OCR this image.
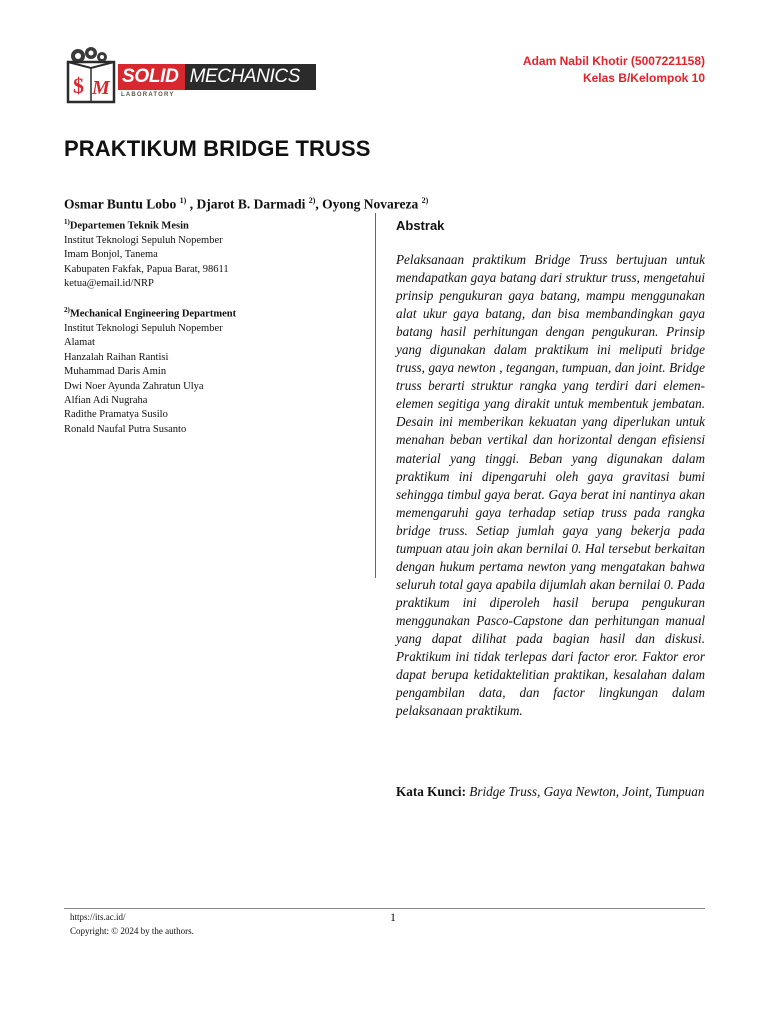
$ M
SOLID MECHANICS
LABORATORY
Adam Nabil Khotir (5007221158)
Kelas B/Kelompok 10
PRAKTIKUM BRIDGE TRUSS
Osmar Buntu Lobo $^{1)}$ , Djarot B. Darmadi $^{2)}$, Oyong Novareza $^{2)}$
$^{1)}$Departemen Teknik Mesin
Institut Teknologi Sepuluh Nopember
Imam Bonjol, Tanema
Kabupaten Fakfak, Papua Barat, 98611
ketua@email.id/NRP
$^{2)}$Mechanical Engineering Department
Institut Teknologi Sepuluh Nopember
Alamat
Hanzalah Raihan Rantisi
Muhammad Daris Amin
Dwi Noer Ayunda Zahratun Ulya
Alfian Adi Nugraha
Radithe Pramatya Susilo
Ronald Naufal Putra Susanto
Abstrak

Pelaksanaan praktikum Bridge Truss bertujuan untuk mendapatkan gaya batang dari struktur truss, mengetahui prinsip pengukuran gaya batang, mampu menggunakan alat ukur gaya batang, dan bisa membandingkan gaya batang hasil perhitungan dengan pengukuran. Prinsip yang digunakan dalam praktikum ini meliputi bridge truss, gaya newton , tegangan, tumpuan, dan joint. Bridge truss berarti struktur rangka yang terdiri dari elemen-elemen segitiga yang dirakit untuk membentuk jembatan. Desain ini memberikan kekuatan yang diperlukan untuk menahan beban vertikal dan horizontal dengan efisiensi material yang tinggi. Beban yang digunakan dalam praktikum ini dipengaruhi oleh gaya gravitasi bumi sehingga timbul gaya berat. Gaya berat ini nantinya akan memengaruhi gaya terhadap setiap truss pada rangka bridge truss. Setiap jumlah gaya yang bekerja pada tumpuan atau join akan bernilai 0. Hal tersebut berkaitan dengan hukum pertama newton yang mengatakan bahwa seluruh total gaya apabila dijumlah akan bernilai 0. Pada praktikum ini diperoleh hasil berupa pengukuran menggunakan Pasco-Capstone dan perhitungan manual yang dapat dilihat pada bagian hasil dan diskusi. Praktikum ini tidak terlepas dari factor eror. Faktor eror dapat berupa ketidaktelitian praktikan, kesalahan dalam pengambilan data, dan factor lingkungan dalam pelaksanaan praktikum.

Kata Kunci: Bridge Truss, Gaya Newton, Joint, Tumpuan

https://its.ac.id/
Copyright: © 2024 by the authors.
1
